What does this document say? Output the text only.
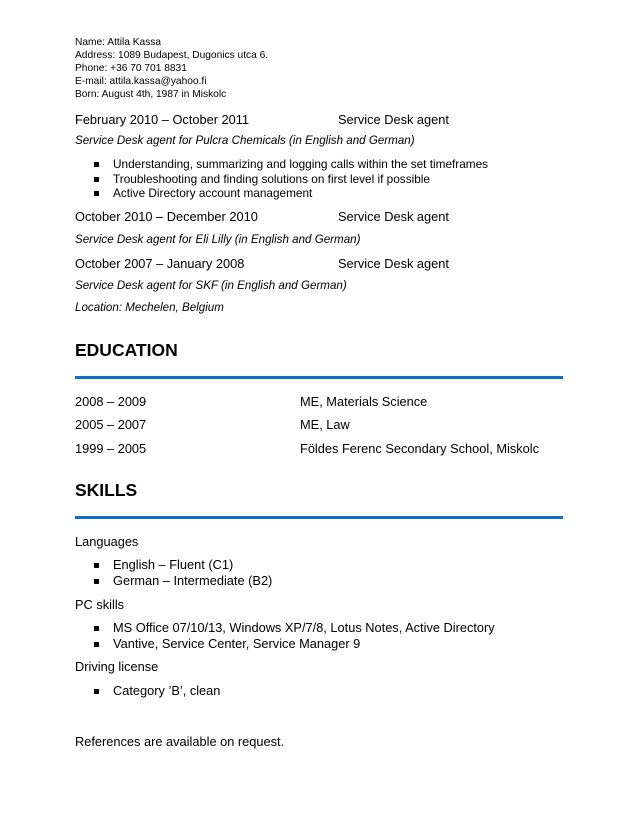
Name: Attila Kassa
Address: 1089 Budapest, Dugonics utca 6.
Phone: +36 70 701 8831
E-mail: attila.kassa@yahoo.fi
Born: August 4th, 1987 in Miskolc
February 2010 – October 2011	Service Desk agent
Service Desk agent for Pulcra Chemicals (in English and German)
Understanding, summarizing and logging calls within the set timeframes
Troubleshooting and finding solutions on first level if possible
Active Directory account management
October 2010 – December 2010	Service Desk agent
Service Desk agent for Eli Lilly (in English and German)
October 2007 – January 2008	Service Desk agent
Service Desk agent for SKF (in English and German)
Location: Mechelen, Belgium
EDUCATION
2008 – 2009	ME, Materials Science
2005 – 2007	ME, Law
1999 – 2005	Földes Ferenc Secondary School, Miskolc
SKILLS
Languages
English – Fluent (C1)
German – Intermediate (B2)
PC skills
MS Office 07/10/13, Windows XP/7/8, Lotus Notes, Active Directory
Vantive, Service Center, Service Manager 9
Driving license
Category ’B’, clean
References are available on request.
